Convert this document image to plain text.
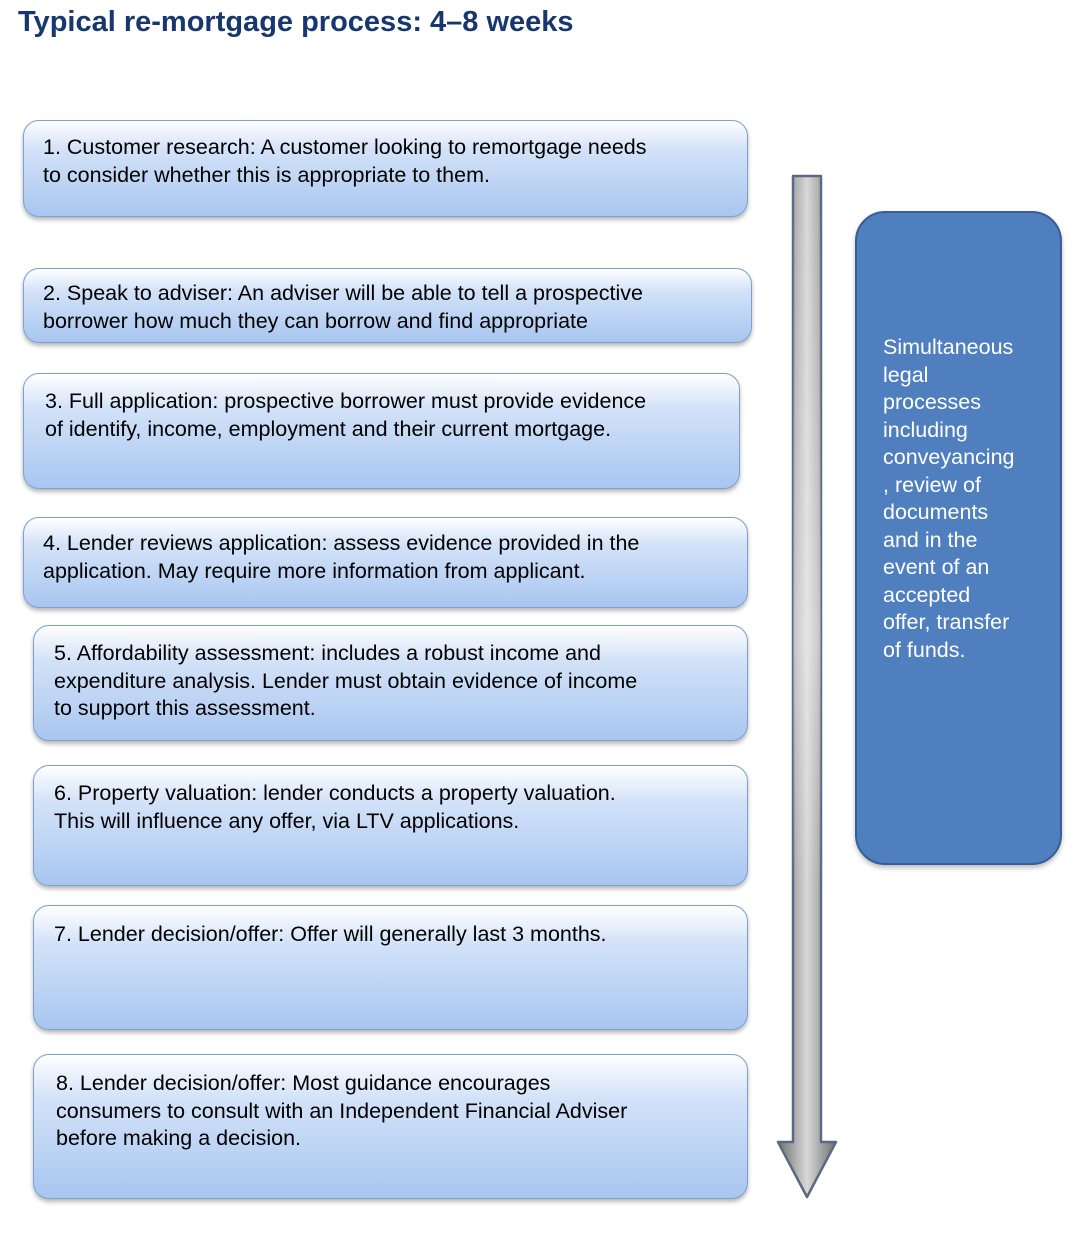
Typical re-mortgage process: 4–8 weeks
1. Customer research: A customer looking to remortgage needs
to consider whether this is appropriate to them.
2. Speak to adviser: An adviser will be able to tell a prospective
borrower how much they can borrow and find appropriate
3. Full application: prospective borrower must provide evidence
of identify, income, employment and their current mortgage.
4. Lender reviews application: assess evidence provided in the
application. May require more information from applicant.
5. Affordability assessment: includes a robust income and
expenditure analysis. Lender must obtain evidence of income
to support this assessment.
6. Property valuation: lender conducts a property valuation.
This will influence any offer, via LTV applications.
7. Lender decision/offer: Offer will generally last 3 months.
8. Lender decision/offer: Most guidance encourages
consumers to consult with an Independent Financial Adviser
before making a decision.
Simultaneous
legal
processes
including
conveyancing
, review of
documents
and in the
event of an
accepted
offer, transfer
of funds.
